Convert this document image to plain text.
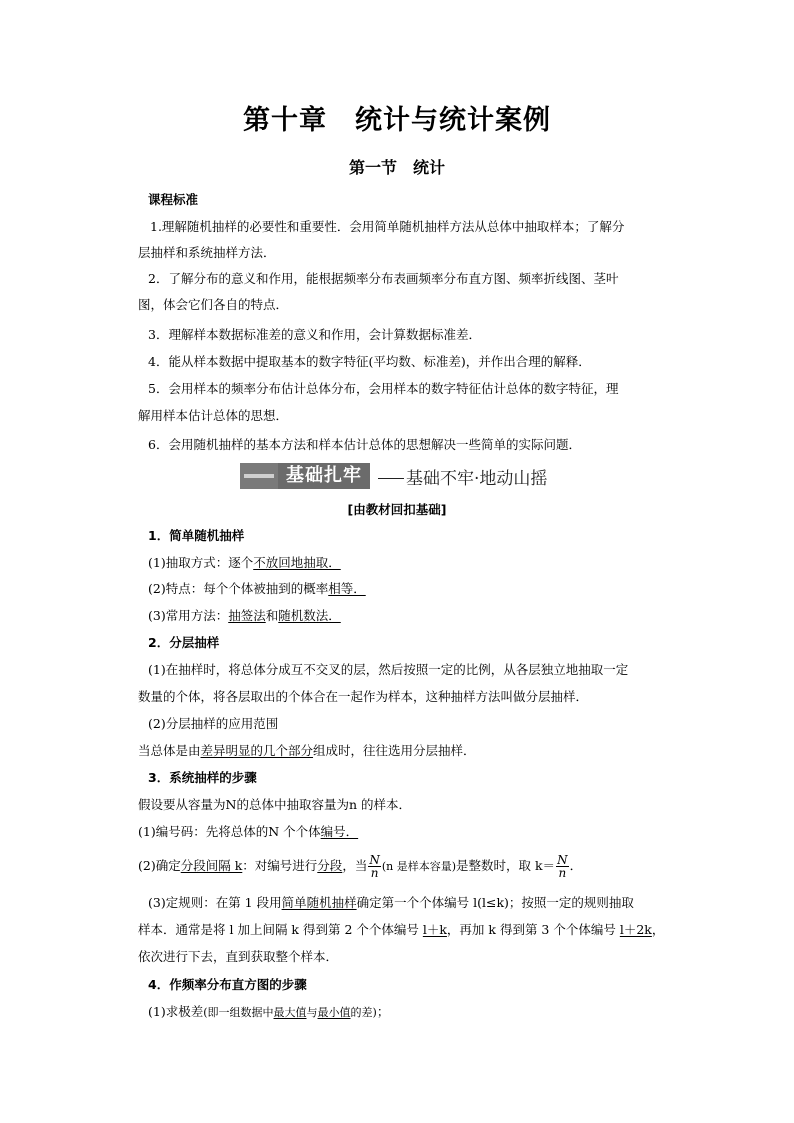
第十章　统计与统计案例
第一节　统计
课程标准
1.理解随机抽样的必要性和重要性．会用简单随机抽样方法从总体中抽取样本；了解分
层抽样和系统抽样方法．
2．了解分布的意义和作用，能根据频率分布表画频率分布直方图、频率折线图、茎叶
图，体会它们各自的特点．
3．理解样本数据标准差的意义和作用，会计算数据标准差．
4．能从样本数据中提取基本的数字特征(平均数、标准差)，并作出合理的解释．
5．会用样本的频率分布估计总体分布，会用样本的数字特征估计总体的数字特征，理
解用样本估计总体的思想．
6．会用随机抽样的基本方法和样本估计总体的思想解决一些简单的实际问题．
基础扎牢	基础不牢·地动山摇
[由教材回扣基础]
1．简单随机抽样
(1)抽取方式：逐个不放回地抽取．
(2)特点：每个个体被抽到的概率相等．
(3)常用方法：抽签法和随机数法．
2．分层抽样
(1)在抽样时，将总体分成互不交叉的层，然后按照一定的比例，从各层独立地抽取一定
数量的个体，将各层取出的个体合在一起作为样本，这种抽样方法叫做分层抽样．
(2)分层抽样的应用范围
当总体是由差异明显的几个部分组成时，往往选用分层抽样．
3．系统抽样的步骤
假设要从容量为N的总体中抽取容量为n 的样本．
(1)编号码：先将总体的N 个个体编号．
(2)确定分段间隔 k：对编号进行分段，当 $\frac{N}{n} (n$ 是样本容量)是整数时，取 $k= \frac{N}{n}$ ．
(3)定规则：在第 1 段用简单随机抽样确定第一个个体编号 l(l≤k)；按照一定的规则抽取
样本．通常是将 l 加上间隔 k 得到第 2 个个体编号 l＋k，再加 k 得到第 3 个个体编号 l＋2k，
依次进行下去，直到获取整个样本．
4．作频率分布直方图的步骤
(1)求极差(即一组数据中最大值与最小值的差)；
